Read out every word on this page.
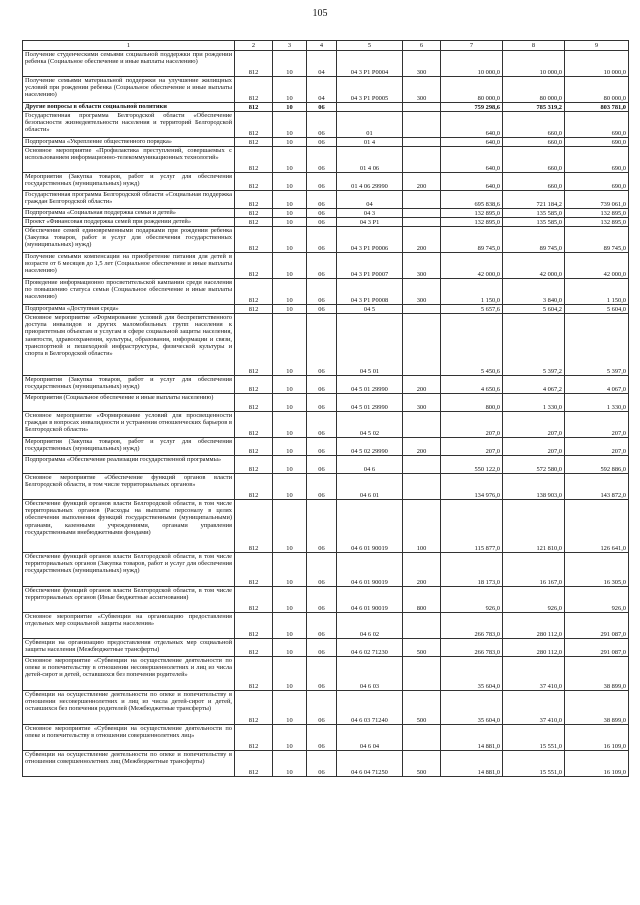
105
1	2	3	4	5	6	7	8	9
Получение студенческими семьями социальной поддержки при рождении ребенка (Социальное обеспечение и иные выплаты населению)	812	10	04	04 3 P1 P0004	300	10 000,0	10 000,0	10 000,0
Получение семьями материальной поддержки на улучшение жилищных условий при рождении ребенка (Социальное обеспечение и иные выплаты населению)	812	10	04	04 3 P1 P0005	300	80 000,0	80 000,0	80 000,0
Другие вопросы в области социальной политики	812	10	06			759 298,6	785 319,2	803 781,0
Государственная программа Белгородской области «Обеспечение безопасности жизнедеятельности населения и территорий Белгородской области»	812	10	06	01		640,0	660,0	690,0
Подпрограмма «Укрепление общественного порядка»	812	10	06	01 4		640,0	660,0	690,0
Основное мероприятие «Профилактика преступлений, совершаемых с использованием информационно-телекоммуникационных технологий»	812	10	06	01 4 06		640,0	660,0	690,0
Мероприятия (Закупка товаров, работ и услуг для обеспечения государственных (муниципальных) нужд)	812	10	06	01 4 06 29990	200	640,0	660,0	690,0
Государственная программа Белгородской области «Социальная поддержка граждан Белгородской области»	812	10	06	04		695 838,6	721 184,2	739 061,0
Подпрограмма «Социальная поддержка семьи и детей»	812	10	06	04 3		132 895,0	135 585,0	132 895,0
Проект «Финансовая поддержка семей при рождении детей»	812	10	06	04 3 P1		132 895,0	135 585,0	132 895,0
Обеспечение семей единовременными подарками при рождении ребенка (Закупка товаров, работ и услуг для обеспечения государственных (муниципальных) нужд)	812	10	06	04 3 P1 P0006	200	89 745,0	89 745,0	89 745,0
Получение семьями компенсации на приобретение питания для детей в возрасте от 6 месяцев до 1,5 лет (Социальное обеспечение и иные выплаты населению)	812	10	06	04 3 P1 P0007	300	42 000,0	42 000,0	42 000,0
Проведение информационно просветительской кампании среди населения по повышению статуса семьи (Социальное обеспечение и иные выплаты населению)	812	10	06	04 3 P1 P0008	300	1 150,0	3 840,0	1 150,0
Подпрограмма «Доступная среда»	812	10	06	04 5		5 657,6	5 604,2	5 604,0
Основное мероприятие «Формирование условий для беспрепятственного доступа инвалидов и других маломобильных групп населения к приоритетным объектам и услугам в сфере социальной защиты населения, занятости, здравоохранения, культуры, образования, информации и связи, транспортной и пешеходной инфраструктуры, физической культуры и спорта в Белгородской области»	812	10	06	04 5 01		5 450,6	5 397,2	5 397,0
Мероприятия (Закупка товаров, работ и услуг для обеспечения государственных (муниципальных) нужд)	812	10	06	04 5 01 29990	200	4 650,6	4 067,2	4 067,0
Мероприятия (Социальное обеспечение и иные выплаты населению)	812	10	06	04 5 01 29990	300	800,0	1 330,0	1 330,0
Основное мероприятие «Формирование условий для просвещенности граждан в вопросах инвалидности и устранения отношенческих барьеров в Белгородской области»	812	10	06	04 5 02		207,0	207,0	207,0
Мероприятия (Закупка товаров, работ и услуг для обеспечения государственных (муниципальных) нужд)	812	10	06	04 5 02 29990	200	207,0	207,0	207,0
Подпрограмма «Обеспечение реализации государственной программы»	812	10	06	04 6		550 122,0	572 580,0	592 886,0
Основное мероприятие «Обеспечение функций органов власти Белгородской области, в том числе территориальных органов»	812	10	06	04 6 01		134 976,0	138 903,0	143 872,0
Обеспечение функций органов власти Белгородской области, в том числе территориальных органов (Расходы на выплаты персоналу в целях обеспечения выполнения функций государственными (муниципальными) органами, казенными учреждениями, органами управления государственными внебюджетными фондами)	812	10	06	04 6 01 90019	100	115 877,0	121 810,0	126 641,0
Обеспечение функций органов власти Белгородской области, в том числе территориальных органов (Закупка товаров, работ и услуг для обеспечения государственных (муниципальных) нужд)	812	10	06	04 6 01 90019	200	18 173,0	16 167,0	16 305,0
Обеспечение функций органов власти Белгородской области, в том числе территориальных органов (Иные бюджетные ассигнования)	812	10	06	04 6 01 90019	800	926,0	926,0	926,0
Основное мероприятие «Субвенции на организацию предоставления отдельных мер социальной защиты населения»	812	10	06	04 6 02		266 783,0	280 112,0	291 087,0
Субвенции на организацию предоставления отдельных мер социальной защиты населения (Межбюджетные трансферты)	812	10	06	04 6 02 71230	500	266 783,0	280 112,0	291 087,0
Основное мероприятие «Субвенции на осуществление деятельности по опеке и попечительству в отношении несовершеннолетних и лиц из числа детей-сирот и детей, оставшихся без попечения родителей»	812	10	06	04 6 03		35 604,0	37 410,0	38 899,0
Субвенции на осуществление деятельности по опеке и попечительству в отношении несовершеннолетних и лиц из числа детей-сирот и детей, оставшихся без попечения родителей (Межбюджетные трансферты)	812	10	06	04 6 03 71240	500	35 604,0	37 410,0	38 899,0
Основное мероприятие «Субвенции на осуществление деятельности по опеке и попечительству в отношении совершеннолетних лиц»	812	10	06	04 6 04		14 881,0	15 551,0	16 109,0
Субвенции на осуществление деятельности по опеке и попечительству в отношении совершеннолетних лиц (Межбюджетные трансферты)	812	10	06	04 6 04 71250	500	14 881,0	15 551,0	16 109,0
